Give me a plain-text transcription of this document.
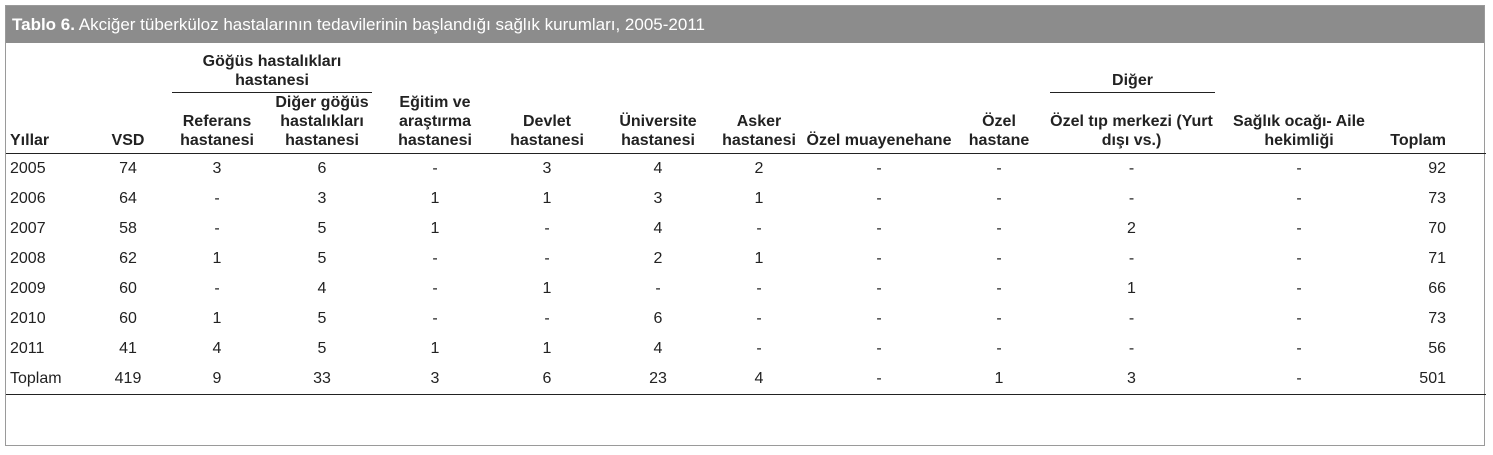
Tablo 6. Akciğer tüberküloz hastalarının tedavilerinin başlandığı sağlık kurumları, 2005-2011

		Göğüs hastalıkları hastanesi								Diğer		

Yıllar	VSD	Referans hastanesi	Diğer göğüs hastalıkları hastanesi	Eğitim ve araştırma hastanesi	Devlet hastanesi	Üniversite hastanesi	Asker hastanesi	Özel muayenehane	Özel hastane	Özel tıp merkezi (Yurt dışı vs.)	Sağlık ocağı- Aile hekimliği	Toplam
2005	74	3	6	-	3	4	2	-	-	-	-	92
2006	64	-	3	1	1	3	1	-	-	-	-	73
2007	58	-	5	1	-	4	-	-	-	2	-	70
2008	62	1	5	-	-	2	1	-	-	-	-	71
2009	60	-	4	-	1	-	-	-	-	1	-	66
2010	60	1	5	-	-	6	-	-	-	-	-	73
2011	41	4	5	1	1	4	-	-	-	-	-	56
Toplam	419	9	33	3	6	23	4	-	1	3	-	501
